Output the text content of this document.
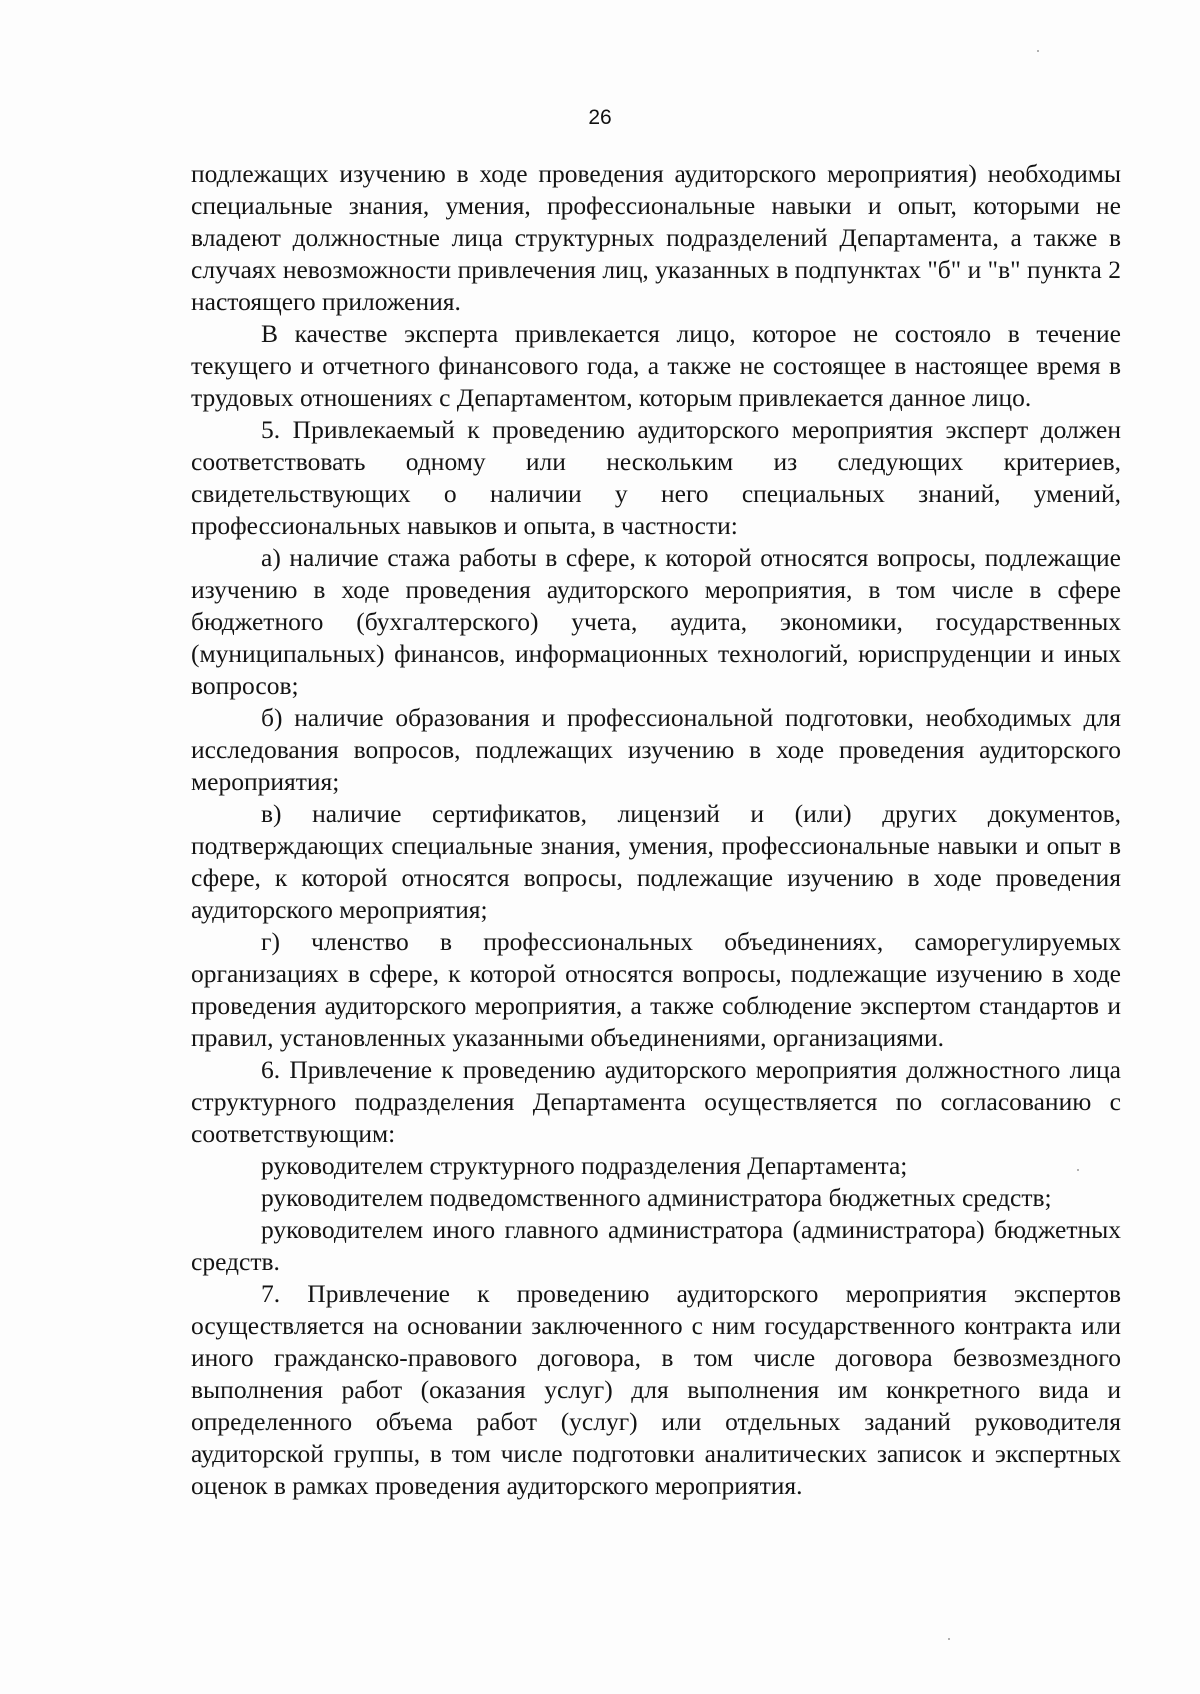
26

подлежащих изучению в ходе проведения аудиторского мероприятия) необходимы специальные знания, умения, профессиональные навыки и опыт, которыми не владеют должностные лица структурных подразделений Департамента, а также в случаях невозможности привлечения лиц, указанных в подпунктах "б" и "в" пункта 2 настоящего приложения.

В качестве эксперта привлекается лицо, которое не состояло в течение текущего и отчетного финансового года, а также не состоящее в настоящее время в трудовых отношениях с Департаментом, которым привлекается данное лицо.

5. Привлекаемый к проведению аудиторского мероприятия эксперт должен соответствовать одному или нескольким из следующих критериев, свидетельствующих о наличии у него специальных знаний, умений, профессиональных навыков и опыта, в частности:

а) наличие стажа работы в сфере, к которой относятся вопросы, подлежащие изучению в ходе проведения аудиторского мероприятия, в том числе в сфере бюджетного (бухгалтерского) учета, аудита, экономики, государственных (муниципальных) финансов, информационных технологий, юриспруденции и иных вопросов;

б) наличие образования и профессиональной подготовки, необходимых для исследования вопросов, подлежащих изучению в ходе проведения аудиторского мероприятия;

в) наличие сертификатов, лицензий и (или) других документов, подтверждающих специальные знания, умения, профессиональные навыки и опыт в сфере, к которой относятся вопросы, подлежащие изучению в ходе проведения аудиторского мероприятия;

г) членство в профессиональных объединениях, саморегулируемых организациях в сфере, к которой относятся вопросы, подлежащие изучению в ходе проведения аудиторского мероприятия, а также соблюдение экспертом стандартов и правил, установленных указанными объединениями, организациями.

6. Привлечение к проведению аудиторского мероприятия должностного лица структурного подразделения Департамента осуществляется по согласованию с соответствующим:

руководителем структурного подразделения Департамента;

руководителем подведомственного администратора бюджетных средств;

руководителем иного главного администратора (администратора) бюджетных средств.

7. Привлечение к проведению аудиторского мероприятия экспертов осуществляется на основании заключенного с ним государственного контракта или иного гражданско-правового договора, в том числе договора безвозмездного выполнения работ (оказания услуг) для выполнения им конкретного вида и определенного объема работ (услуг) или отдельных заданий руководителя аудиторской группы, в том числе подготовки аналитических записок и экспертных оценок в рамках проведения аудиторского мероприятия.
